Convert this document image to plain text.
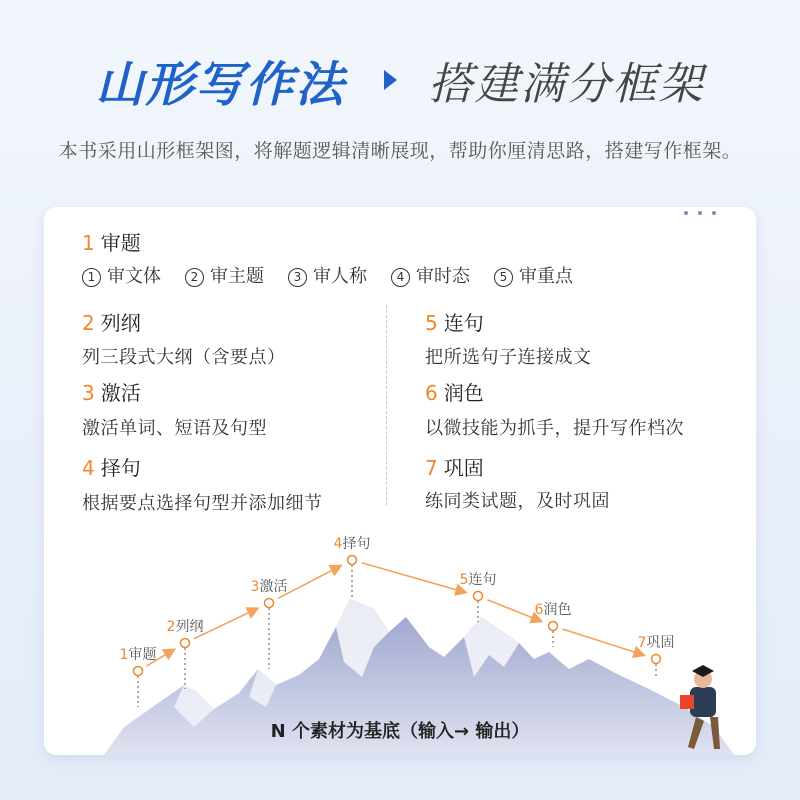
山形写作法 搭建满分框架
本书采用山形框架图，将解题逻辑清晰展现，帮助你厘清思路，搭建写作框架。
1 审题
1 审文体	2 审主题	3 审人称	4 审时态	5 审重点
2 列纲
列三段式大纲（含要点）
3 激活
激活单词、短语及句型
4 择句
根据要点选择句型并添加细节
5 连句
把所选句子连接成文
6 润色
以微技能为抓手，提升写作档次
7 巩固
练同类试题，及时巩固
1审题
2列纲
3激活
4择句
5连句
6润色
7巩固
N 个素材为基底（输入→ 输出）
